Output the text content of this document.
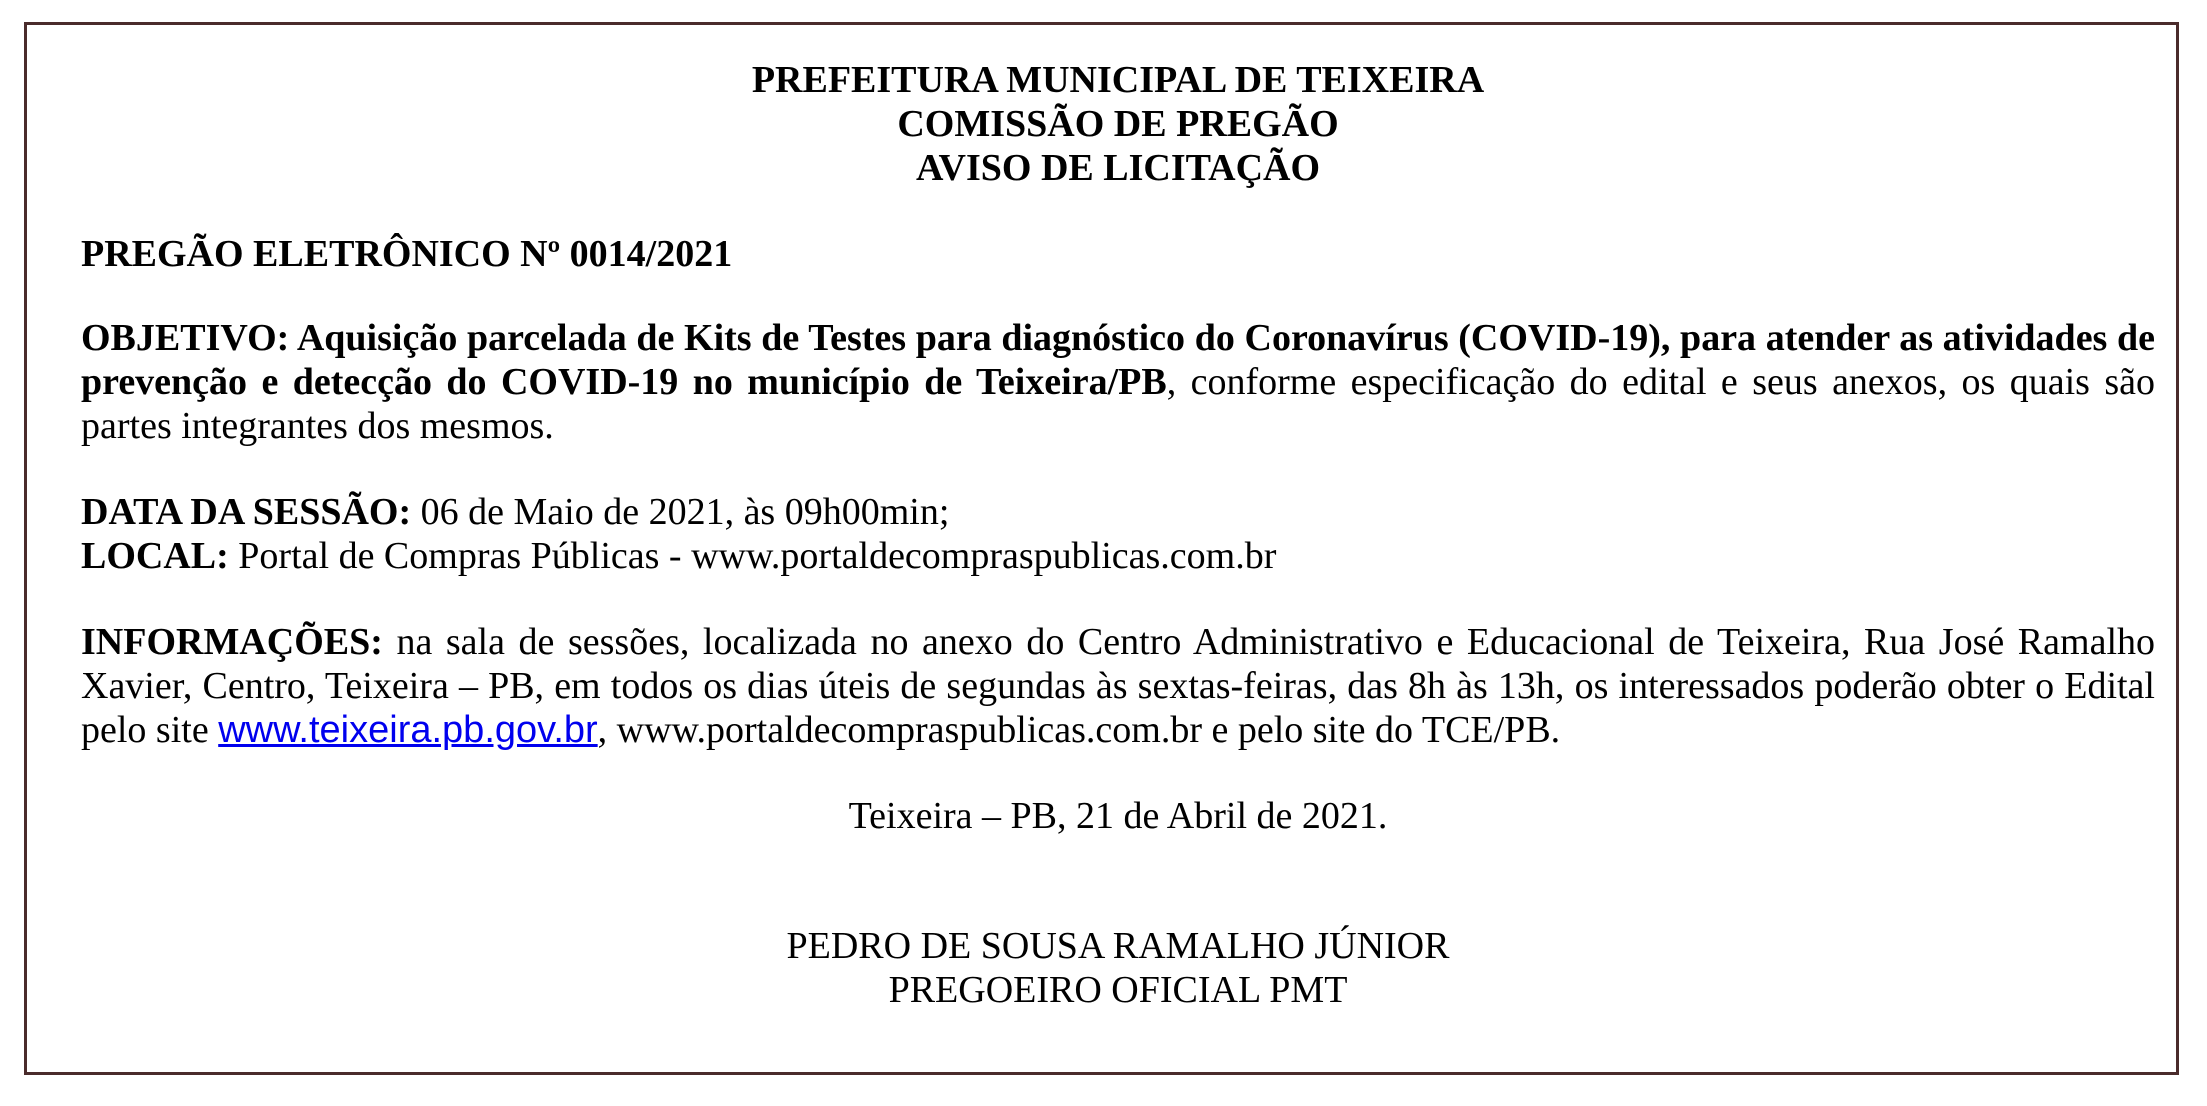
PREFEITURA MUNICIPAL DE TEIXEIRA
COMISSÃO DE PREGÃO
AVISO DE LICITAÇÃO
PREGÃO ELETRÔNICO Nº 0014/2021
OBJETIVO: Aquisição parcelada de Kits de Testes para diagnóstico do Coronavírus (COVID-19), para atender as atividades de prevenção e detecção do COVID-19 no município de Teixeira/PB, conforme especificação do edital e seus anexos, os quais são partes integrantes dos mesmos.
DATA DA SESSÃO: 06 de Maio de 2021, às 09h00min;
LOCAL: Portal de Compras Públicas - www.portaldecompraspublicas.com.br
INFORMAÇÕES: na sala de sessões, localizada no anexo do Centro Administrativo e Educacional de Teixeira, Rua José Ramalho Xavier, Centro, Teixeira – PB, em todos os dias úteis de segundas às sextas-feiras, das 8h às 13h, os interessados poderão obter o Edital pelo site www.teixeira.pb.gov.br, www.portaldecompraspublicas.com.br e pelo site do TCE/PB.
Teixeira – PB, 21 de Abril de 2021.
PEDRO DE SOUSA RAMALHO JÚNIOR
PREGOEIRO OFICIAL PMT
